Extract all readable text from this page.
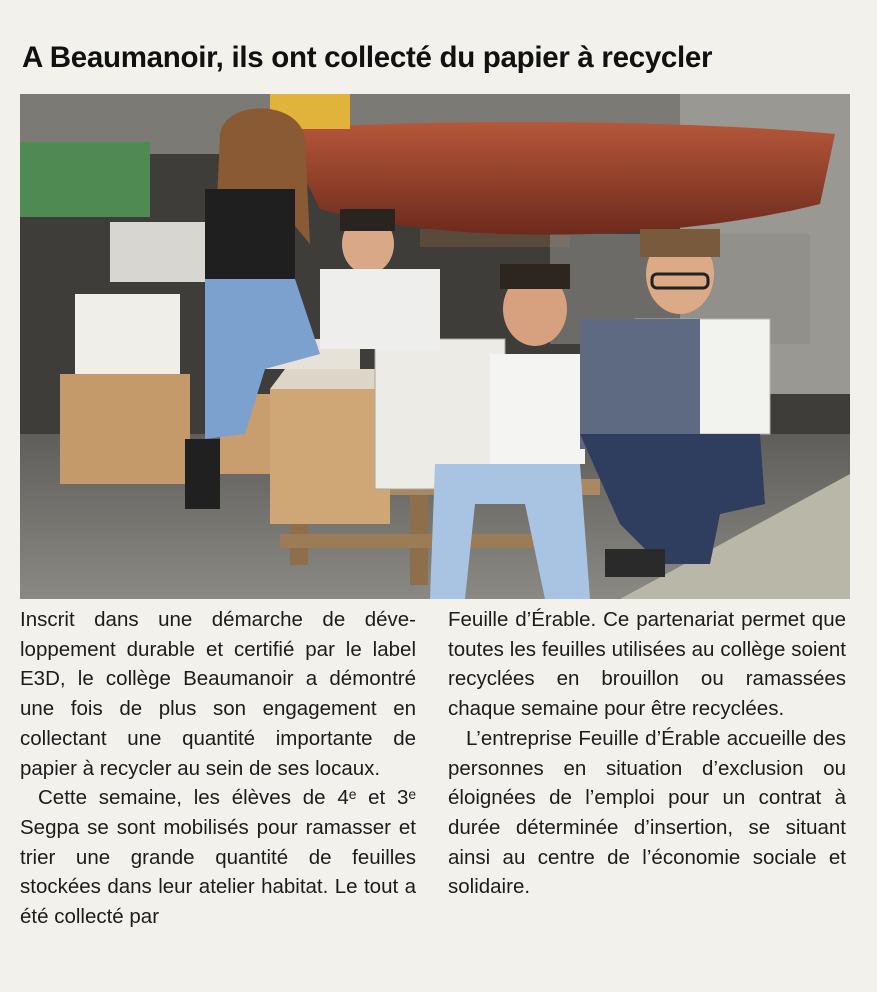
A Beaumanoir, ils ont collecté du papier à recycler

Inscrit dans une démarche de développement durable et certifié par le label E3D, le collège Beaumanoir a démontré une fois de plus son engagement en collectant une quantité importante de papier à recycler au sein de ses locaux.

Cette semaine, les élèves de 4ᵉ et 3ᵉ Segpa se sont mobilisés pour ramasser et trier une grande quantité de feuilles stockées dans leur atelier habitat. Le tout a été collecté par

Feuille d’Érable. Ce partenariat permet que toutes les feuilles utilisées au collège soient recyclées en brouillon ou ramassées chaque semaine pour être recyclées.

L’entreprise Feuille d’Érable accueille des personnes en situation d’exclusion ou éloignées de l’emploi pour un contrat à durée déterminée d’insertion, se situant ainsi au centre de l’économie sociale et solidaire.
